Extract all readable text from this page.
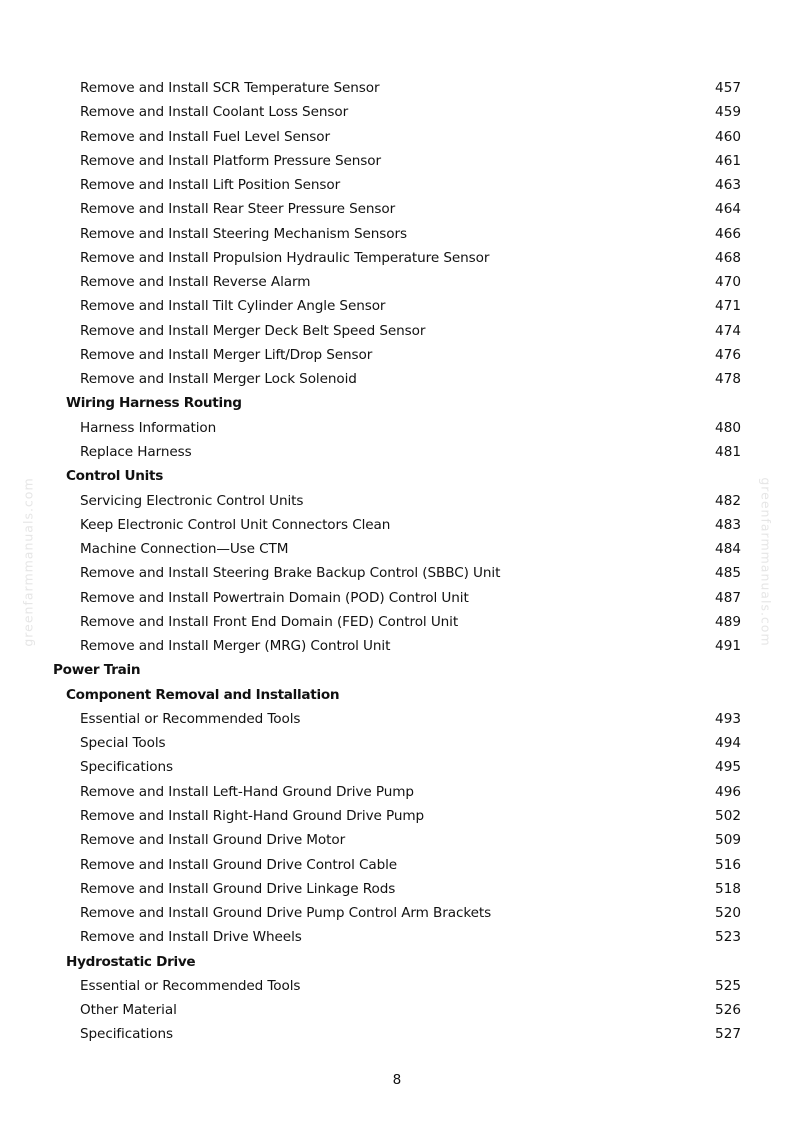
Remove and Install SCR Temperature Sensor	457
Remove and Install Coolant Loss Sensor	459
Remove and Install Fuel Level Sensor	460
Remove and Install Platform Pressure Sensor	461
Remove and Install Lift Position Sensor	463
Remove and Install Rear Steer Pressure Sensor	464
Remove and Install Steering Mechanism Sensors	466
Remove and Install Propulsion Hydraulic Temperature Sensor	468
Remove and Install Reverse Alarm	470
Remove and Install Tilt Cylinder Angle Sensor	471
Remove and Install Merger Deck Belt Speed Sensor	474
Remove and Install Merger Lift/Drop Sensor	476
Remove and Install Merger Lock Solenoid	478
Wiring Harness Routing
Harness Information	480
Replace Harness	481
Control Units
Servicing Electronic Control Units	482
Keep Electronic Control Unit Connectors Clean	483
Machine Connection—Use CTM	484
Remove and Install Steering Brake Backup Control (SBBC) Unit	485
Remove and Install Powertrain Domain (POD) Control Unit	487
Remove and Install Front End Domain (FED) Control Unit	489
Remove and Install Merger (MRG) Control Unit	491
Power Train
Component Removal and Installation
Essential or Recommended Tools	493
Special Tools	494
Specifications	495
Remove and Install Left-Hand Ground Drive Pump	496
Remove and Install Right-Hand Ground Drive Pump	502
Remove and Install Ground Drive Motor	509
Remove and Install Ground Drive Control Cable	516
Remove and Install Ground Drive Linkage Rods	518
Remove and Install Ground Drive Pump Control Arm Brackets	520
Remove and Install Drive Wheels	523
Hydrostatic Drive
Essential or Recommended Tools	525
Other Material	526
Specifications	527
greenfarmmanuals.com	greenfarmmanuals.com
8
